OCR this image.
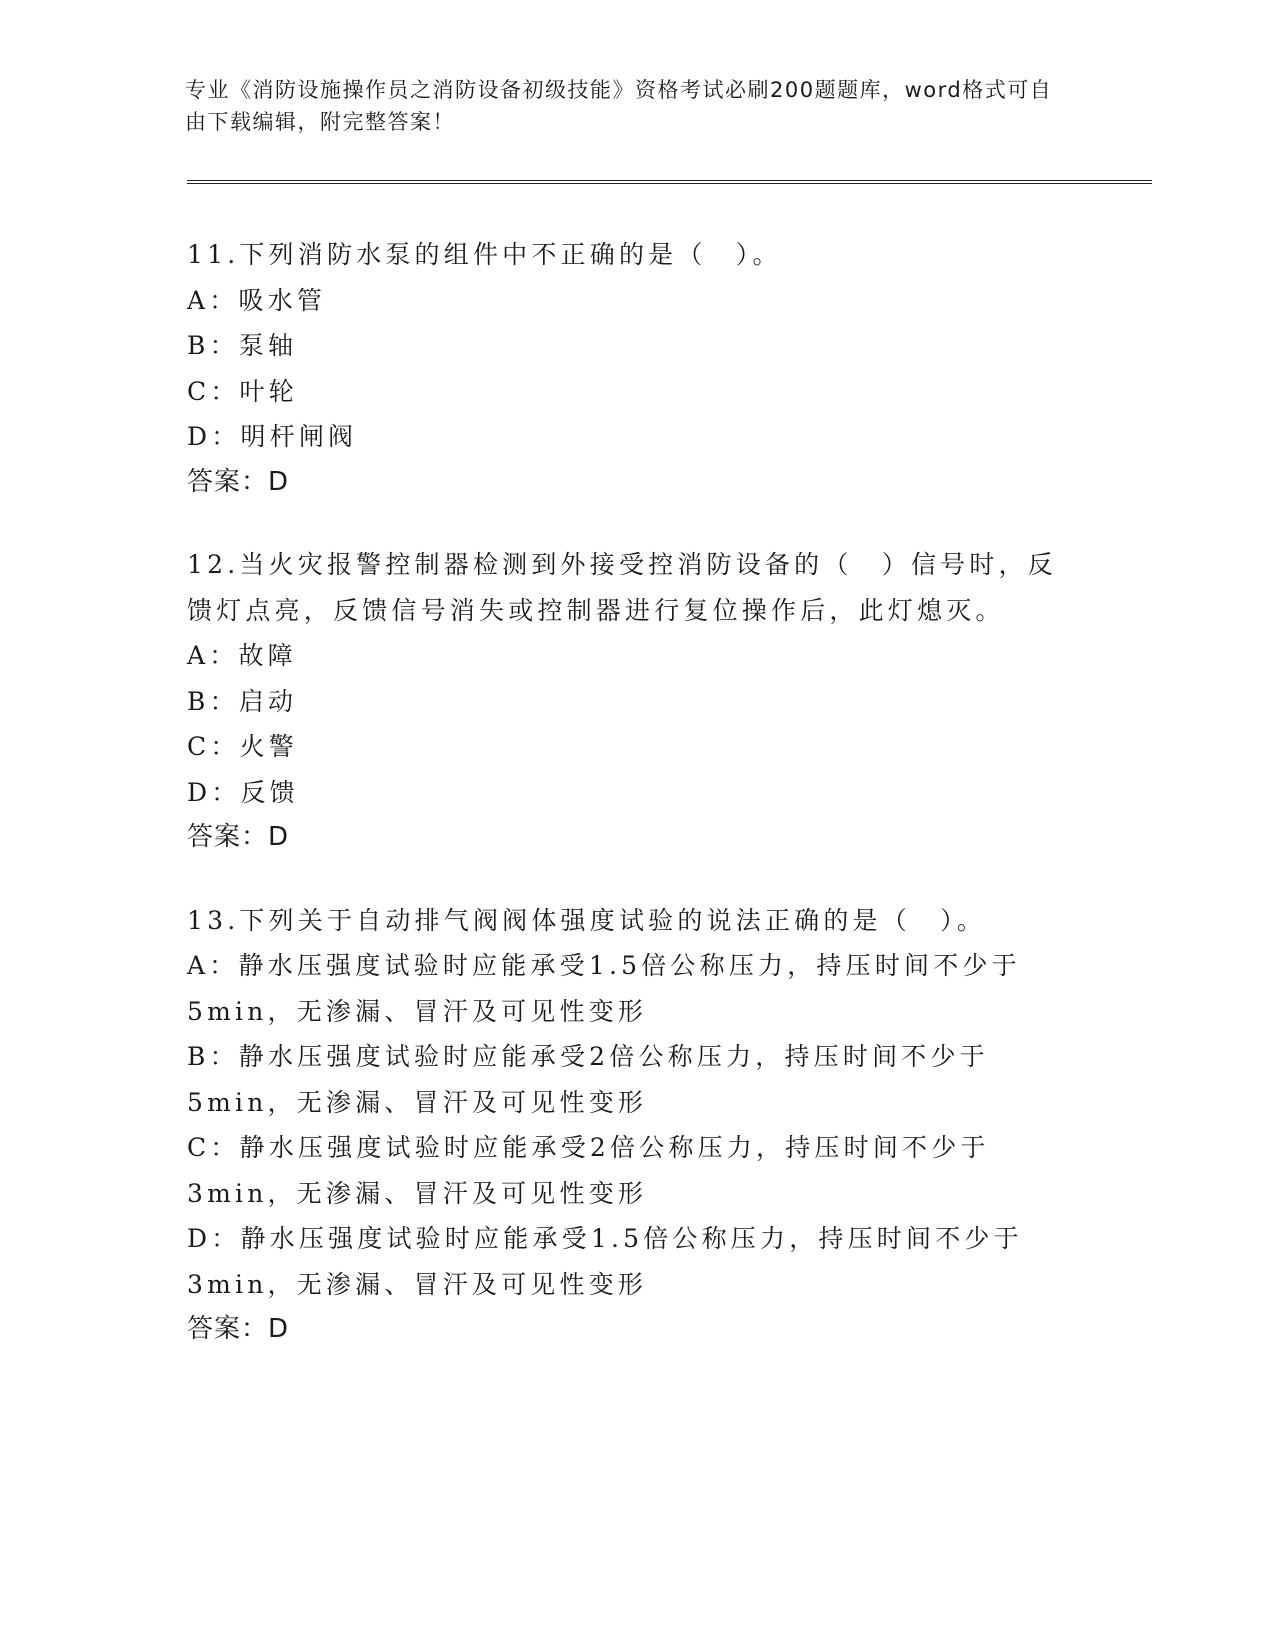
专业《消防设施操作员之消防设备初级技能》资格考试必刷200题题库，word格式可自由下载编辑，附完整答案！
11.下列消防水泵的组件中不正确的是（　）。
A：吸水管
B：泵轴
C：叶轮
D：明杆闸阀
答案：D
12.当火灾报警控制器检测到外接受控消防设备的（　）信号时，反馈灯点亮，反馈信号消失或控制器进行复位操作后，此灯熄灭。
A：故障
B：启动
C：火警
D：反馈
答案：D
13.下列关于自动排气阀阀体强度试验的说法正确的是（　）。
A：静水压强度试验时应能承受1.5倍公称压力，持压时间不少于5min，无渗漏、冒汗及可见性变形
B：静水压强度试验时应能承受2倍公称压力，持压时间不少于5min，无渗漏、冒汗及可见性变形
C：静水压强度试验时应能承受2倍公称压力，持压时间不少于3min，无渗漏、冒汗及可见性变形
D：静水压强度试验时应能承受1.5倍公称压力，持压时间不少于3min，无渗漏、冒汗及可见性变形
答案：D
